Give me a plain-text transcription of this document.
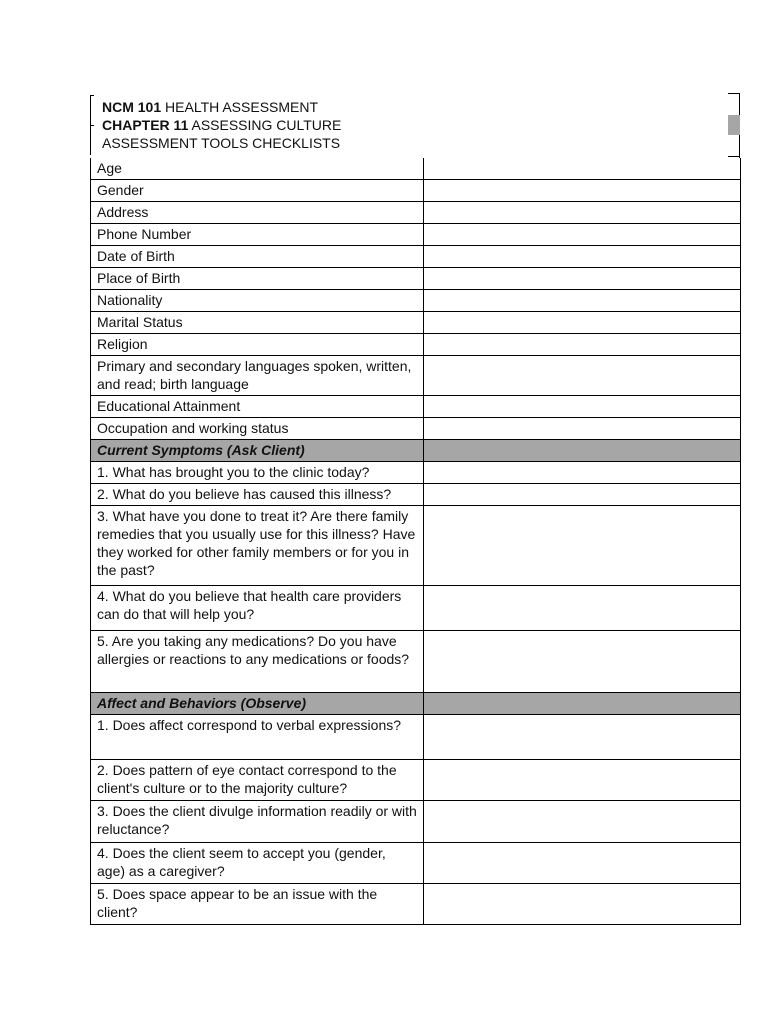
NCM 101 HEALTH ASSESSMENT
CHAPTER 11 ASSESSING CULTURE
ASSESSMENT TOOLS CHECKLISTS
Age	
Gender	
Address	
Phone Number	
Date of Birth	
Place of Birth	
Nationality	
Marital Status	
Religion	
Primary and secondary languages spoken, written, and read; birth language	
Educational Attainment	
Occupation and working status	
Current Symptoms (Ask Client)	
1. What has brought you to the clinic today?	
2. What do you believe has caused this illness?	
3. What have you done to treat it? Are there family remedies that you usually use for this illness? Have they worked for other family members or for you in the past?	
4. What do you believe that health care providers can do that will help you?	
5. Are you taking any medications? Do you have allergies or reactions to any medications or foods?	
Affect and Behaviors (Observe)	
1. Does affect correspond to verbal expressions?	
2. Does pattern of eye contact correspond to the client's culture or to the majority culture?	
3. Does the client divulge information readily or with reluctance?	
4. Does the client seem to accept you (gender, age) as a caregiver?	
5. Does space appear to be an issue with the client?	
